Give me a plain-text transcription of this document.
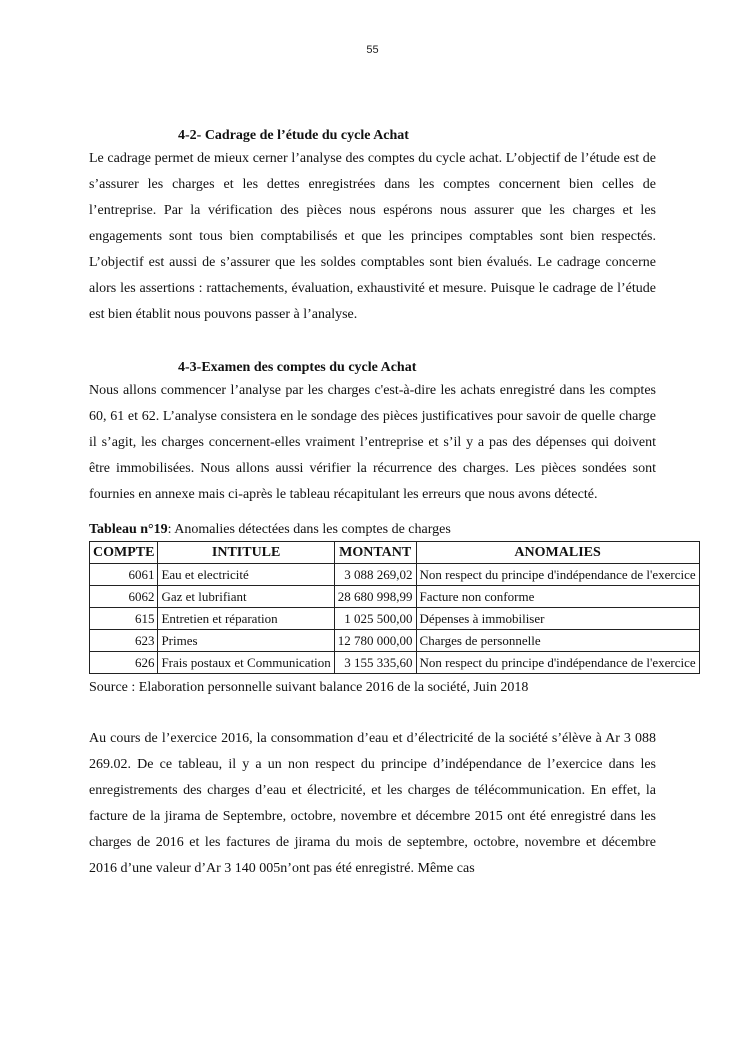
55

4-2- Cadrage de l’étude du cycle Achat

Le cadrage permet de mieux cerner l’analyse des comptes du cycle achat. L’objectif de l’étude est de s’assurer les charges et les dettes enregistrées dans les comptes concernent bien celles de l’entreprise. Par la vérification des pièces nous espérons nous assurer que les charges et les engagements sont tous bien comptabilisés et que les principes comptables sont bien respectés. L’objectif est aussi de s’assurer que les soldes comptables sont bien évalués. Le cadrage concerne alors les assertions : rattachements, évaluation, exhaustivité et mesure. Puisque le cadrage de l’étude est bien établit nous pouvons passer à l’analyse.

4-3-Examen des comptes du cycle Achat

Nous allons commencer l’analyse par les charges c'est-à-dire les achats enregistré dans les comptes 60, 61 et 62. L’analyse consistera en le sondage des pièces justificatives pour savoir de quelle charge il s’agit, les charges concernent-elles vraiment l’entreprise et s’il y a pas des dépenses qui doivent être immobilisées. Nous allons aussi vérifier la récurrence des charges. Les pièces sondées sont fournies en annexe mais ci-après le tableau récapitulant les erreurs que nous avons détecté.

Tableau n°19: Anomalies détectées dans les comptes de charges

COMPTE	INTITULE	MONTANT	ANOMALIES
6061	Eau et electricité	3 088 269,02	Non respect du principe d'indépendance de l'exercice
6062	Gaz et lubrifiant	28 680 998,99	Facture non conforme
615	Entretien et réparation	1 025 500,00	Dépenses à immobiliser
623	Primes	12 780 000,00	Charges de personnelle
626	Frais postaux et Communication	3 155 335,60	Non respect du principe d'indépendance de l'exercice

Source : Elaboration personnelle suivant balance 2016 de la société, Juin 2018

Au cours de l’exercice 2016, la consommation d’eau et d’électricité de la société s’élève à Ar 3 088 269.02. De ce tableau, il y a un non respect du principe d’indépendance de l’exercice dans les enregistrements des charges d’eau et électricité, et les charges de télécommunication. En effet, la facture de la jirama de Septembre, octobre, novembre et décembre 2015 ont été enregistré dans les charges de 2016 et les factures de jirama du mois de septembre, octobre, novembre et décembre 2016 d’une valeur d’Ar 3 140 005n’ont pas été enregistré. Même cas
